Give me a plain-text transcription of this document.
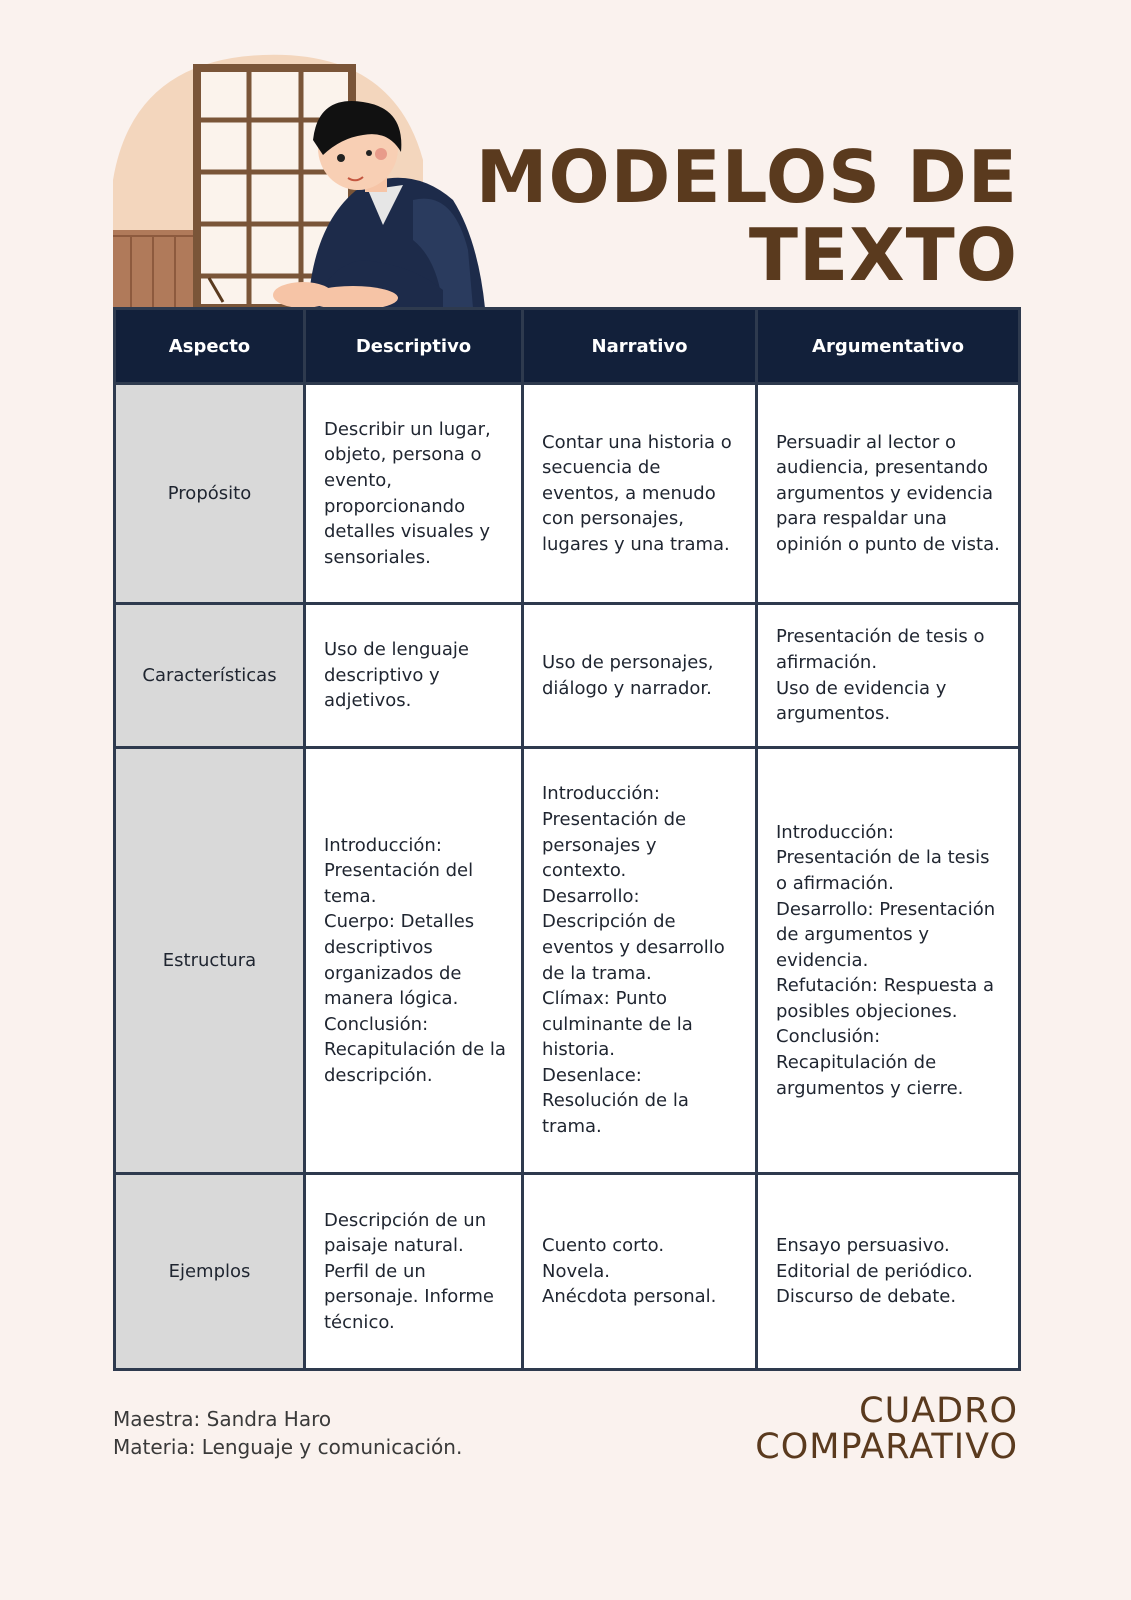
MODELOS DE
TEXTO
Aspecto	Descriptivo	Narrativo	Argumentativo
Propósito	Describir un lugar, objeto, persona o evento, proporcionando detalles visuales y sensoriales.	Contar una historia o secuencia de eventos, a menudo con personajes, lugares y una trama.	Persuadir al lector o audiencia, presentando argumentos y evidencia para respaldar una opinión o punto de vista.
Características	Uso de lenguaje descriptivo y adjetivos.	Uso de personajes, diálogo y narrador.	Presentación de tesis o afirmación.
Uso de evidencia y argumentos.

Estructura	Introducción: Presentación del tema.
Cuerpo: Detalles descriptivos organizados de manera lógica.
Conclusión: Recapitulación de la descripción.	Introducción: Presentación de personajes y contexto.
Desarrollo: Descripción de eventos y desarrollo de la trama.
Clímax: Punto culminante de la historia.
Desenlace: Resolución de la trama.	Introducción: Presentación de la tesis o afirmación.
Desarrollo: Presentación de argumentos y evidencia.
Refutación: Respuesta a posibles objeciones.
Conclusión: Recapitulación de argumentos y cierre.

Ejemplos	Descripción de un paisaje natural. Perfil de un personaje. Informe técnico.	Cuento corto.
Novela.
Anécdota personal.	Ensayo persuasivo.
Editorial de periódico.
Discurso de debate.
Maestra: Sandra Haro
Materia: Lenguaje y comunicación.
CUADRO
COMPARATIVO
